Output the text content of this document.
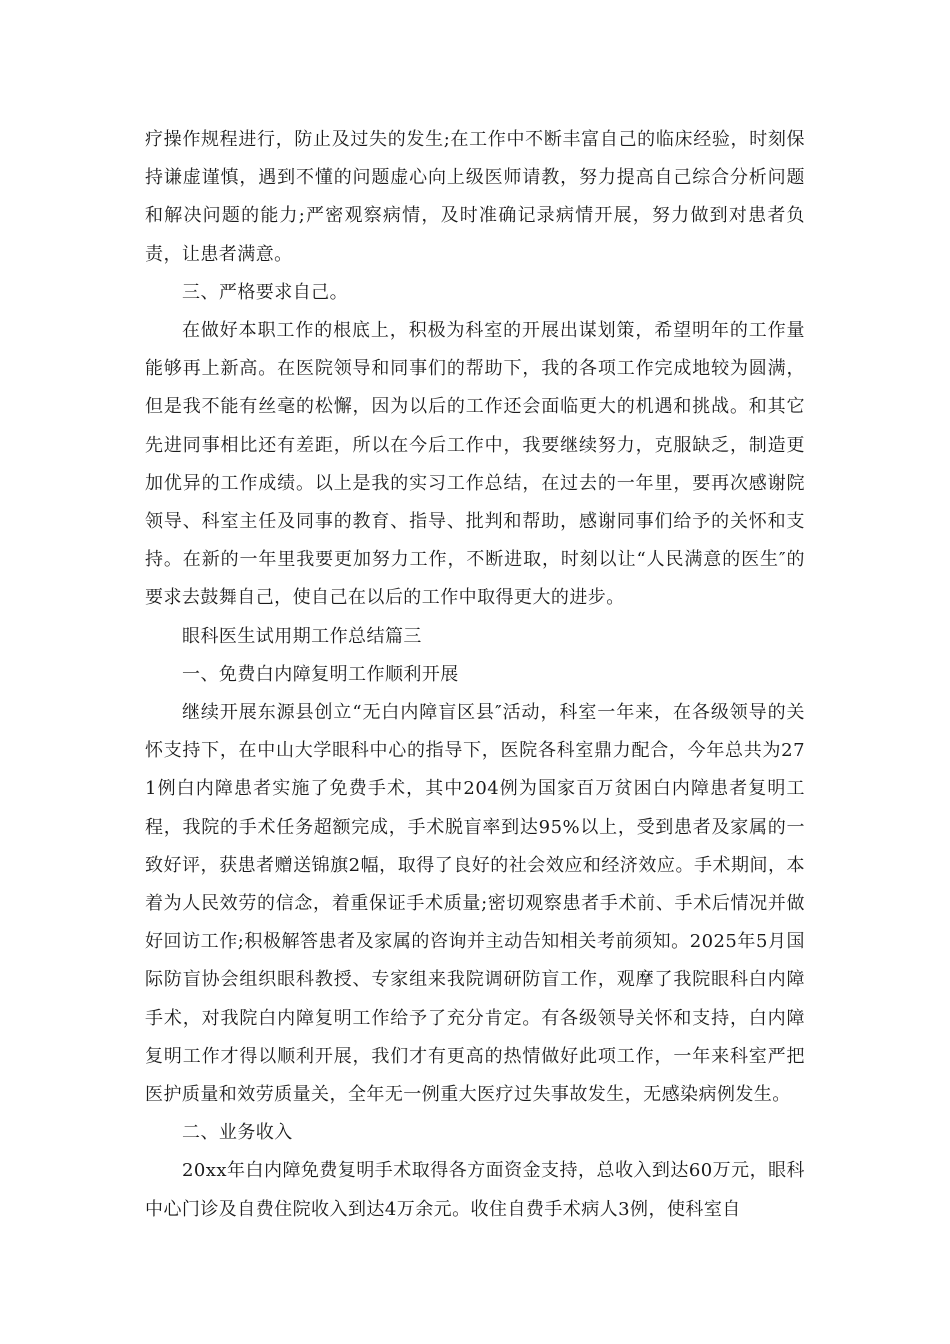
疗操作规程进行，防止及过失的发生;在工作中不断丰富自己的临床经验，时刻保持谦虚谨慎，遇到不懂的问题虚心向上级医师请教，努力提高自己综合分析问题和解决问题的能力;严密观察病情，及时准确记录病情开展，努力做到对患者负责，让患者满意。

三、严格要求自己。

在做好本职工作的根底上，积极为科室的开展出谋划策，希望明年的工作量能够再上新高。在医院领导和同事们的帮助下，我的各项工作完成地较为圆满，但是我不能有丝毫的松懈，因为以后的工作还会面临更大的机遇和挑战。和其它先进同事相比还有差距，所以在今后工作中，我要继续努力，克服缺乏，制造更加优异的工作成绩。以上是我的实习工作总结，在过去的一年里，要再次感谢院领导、科室主任及同事的教育、指导、批判和帮助，感谢同事们给予的关怀和支持。在新的一年里我要更加努力工作，不断进取，时刻以让“人民满意的医生″的要求去鼓舞自己，使自己在以后的工作中取得更大的进步。

眼科医生试用期工作总结篇三

一、免费白内障复明工作顺利开展

继续开展东源县创立“无白内障盲区县″活动，科室一年来，在各级领导的关怀支持下，在中山大学眼科中心的指导下，医院各科室鼎力配合，今年总共为271例白内障患者实施了免费手术，其中204例为国家百万贫困白内障患者复明工程，我院的手术任务超额完成，手术脱盲率到达95%以上，受到患者及家属的一致好评，获患者赠送锦旗2幅，取得了良好的社会效应和经济效应。手术期间，本着为人民效劳的信念，着重保证手术质量;密切观察患者手术前、手术后情况并做好回访工作;积极解答患者及家属的咨询并主动告知相关考前须知。2025年5月国际防盲协会组织眼科教授、专家组来我院调研防盲工作，观摩了我院眼科白内障手术，对我院白内障复明工作给予了充分肯定。有各级领导关怀和支持，白内障复明工作才得以顺利开展，我们才有更高的热情做好此项工作，一年来科室严把医护质量和效劳质量关，全年无一例重大医疗过失事故发生，无感染病例发生。

二、业务收入

20xx年白内障免费复明手术取得各方面资金支持，总收入到达60万元，眼科中心门诊及自费住院收入到达4万余元。收住自费手术病人3例，使科室自
